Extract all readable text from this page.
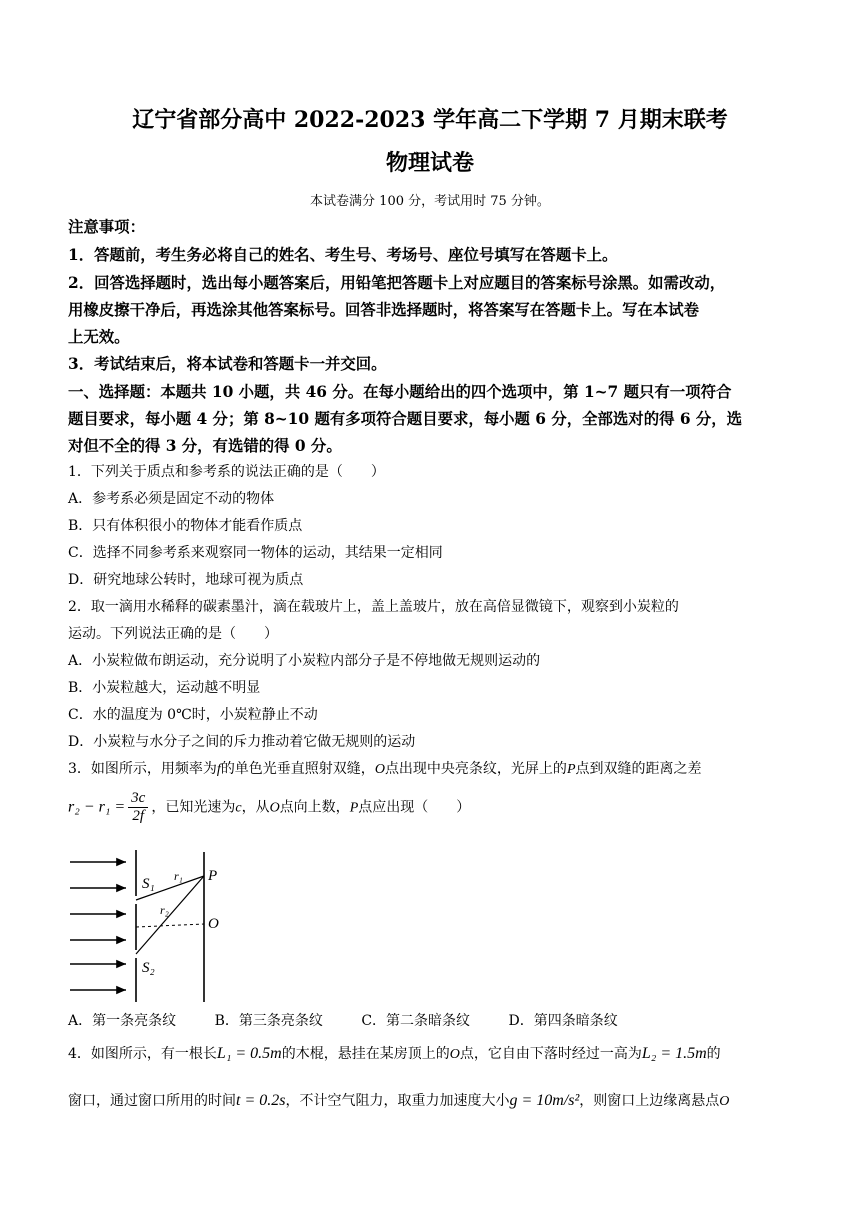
辽宁省部分高中 2022-2023 学年高二下学期 7 月期末联考
物理试卷
本试卷满分 100 分，考试用时 75 分钟。
注意事项：
1．答题前，考生务必将自己的姓名、考生号、考场号、座位号填写在答题卡上。
2．回答选择题时，选出每小题答案后，用铅笔把答题卡上对应题目的答案标号涂黑。如需改动，
用橡皮擦干净后，再选涂其他答案标号。回答非选择题时，将答案写在答题卡上。写在本试卷
上无效。
3．考试结束后，将本试卷和答题卡一并交回。
一、选择题：本题共 10 小题，共 46 分。在每小题给出的四个选项中，第 1~7 题只有一项符合
题目要求，每小题 4 分；第 8~10 题有多项符合题目要求，每小题 6 分，全部选对的得 6 分，选
对但不全的得 3 分，有选错的得 0 分。
1．下列关于质点和参考系的说法正确的是（　　）
A．参考系必须是固定不动的物体
B．只有体积很小的物体才能看作质点
C．选择不同参考系来观察同一物体的运动，其结果一定相同
D．研究地球公转时，地球可视为质点
2．取一滴用水稀释的碳素墨汁，滴在载玻片上，盖上盖玻片，放在高倍显微镜下，观察到小炭粒的
运动。下列说法正确的是（　　）
A．小炭粒做布朗运动，充分说明了小炭粒内部分子是不停地做无规则运动的
B．小炭粒越大，运动越不明显
C．水的温度为 0℃时，小炭粒静止不动
D．小炭粒与水分子之间的斥力推动着它做无规则的运动
3．如图所示，用频率为f的单色光垂直照射双缝，O点出现中央亮条纹，光屏上的P点到双缝的距离之差
$r_2 - r_1 = \frac{3c}{2f}$ ，已知光速为c，从O点向上数，P点应出现（　　）
S₁
S₂
r₁
r₂
P
O
A．第一条亮条纹	B．第三条亮条纹	C．第二条暗条纹	D．第四条暗条纹
4．如图所示，有一根长L₁ = 0.5m的木棍，悬挂在某房顶上的O点，它自由下落时经过一高为L₂ = 1.5m的
窗口，通过窗口所用的时间t = 0.2s，不计空气阻力，取重力加速度大小g = 10m/s²，则窗口上边缘离悬点O
